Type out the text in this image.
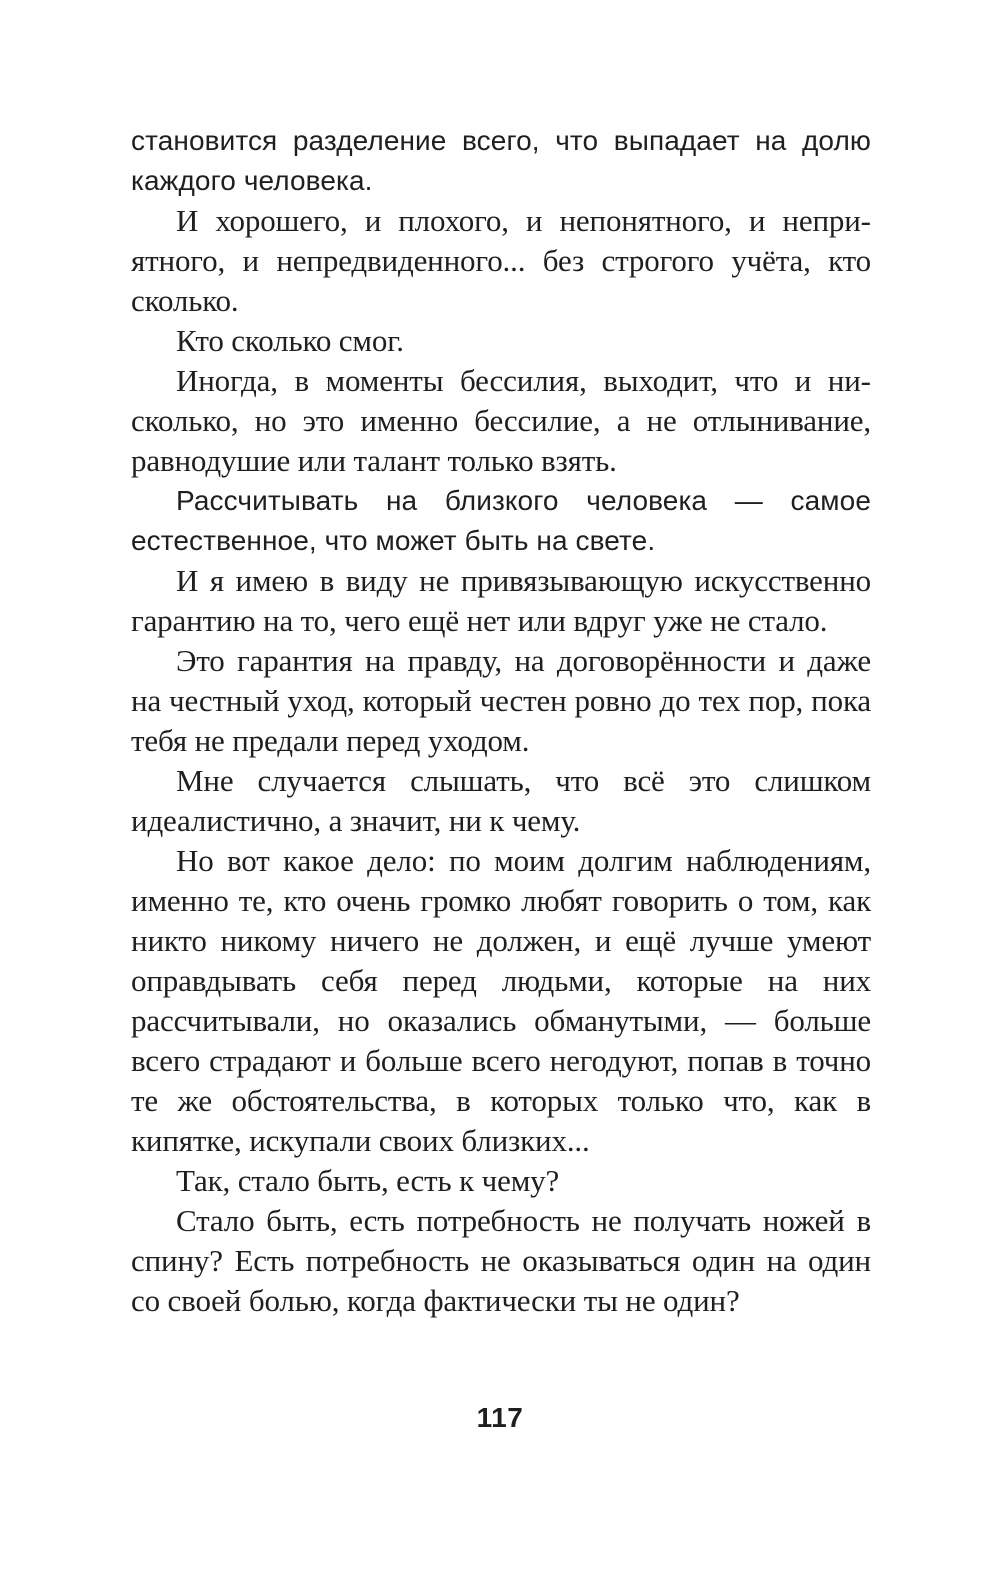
становится разделение всего, что выпадает на долю каждого человека.

И хорошего, и плохого, и непонятного, и неприятного, и непредвиденного... без строгого учёта, кто сколько.

Кто сколько смог.

Иногда, в моменты бессилия, выходит, что и нисколько, но это именно бессилие, а не отлынивание, равнодушие или талант только взять.

Рассчитывать на близкого человека — самое естественное, что может быть на свете.

И я имею в виду не привязывающую искусственно гарантию на то, чего ещё нет или вдруг уже не стало.

Это гарантия на правду, на договорённости и даже на честный уход, который честен ровно до тех пор, пока тебя не предали перед уходом.

Мне случается слышать, что всё это слишком идеалистично, а значит, ни к чему.

Но вот какое дело: по моим долгим наблюдениям, именно те, кто очень громко любят говорить о том, как никто никому ничего не должен, и ещё лучше умеют оправдывать себя перед людьми, которые на них рассчитывали, но оказались обманутыми, — больше всего страдают и больше всего негодуют, попав в точно те же обстоятельства, в которых только что, как в кипятке, искупали своих близких...

Так, стало быть, есть к чему?

Стало быть, есть потребность не получать ножей в спину? Есть потребность не оказываться один на один со своей болью, когда фактически ты не один?

117
